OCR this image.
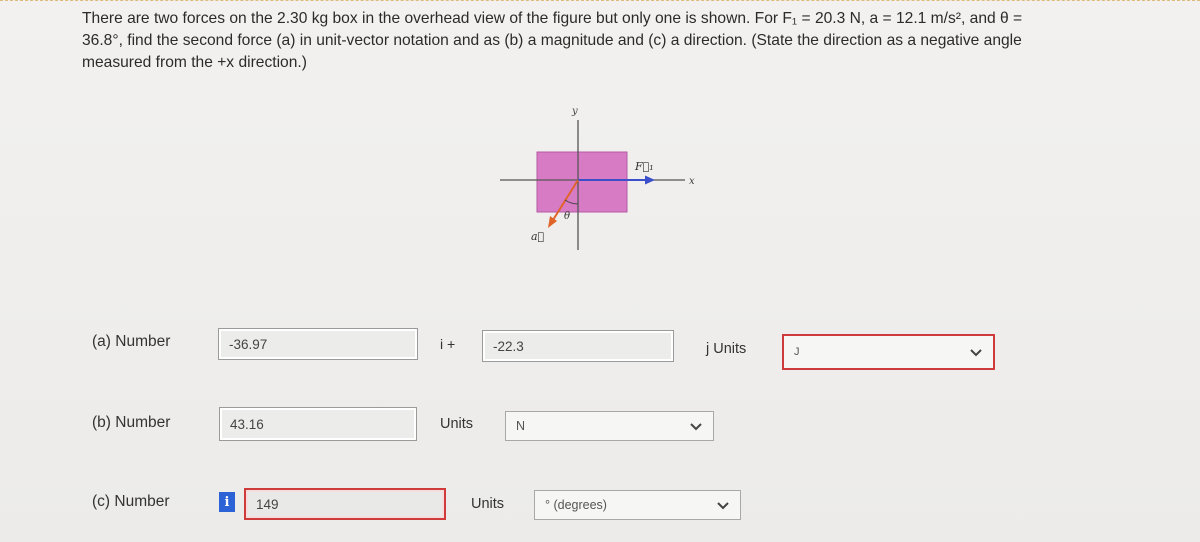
There are two forces on the 2.30 kg box in the overhead view of the figure but only one is shown. For F₁ = 20.3 N, a = 12.1 m/s², and θ =
36.8°, find the second force (a) in unit-vector notation and as (b) a magnitude and (c) a direction. (State the direction as a negative angle
measured from the +x direction.)
y
x
F⃗₁
a⃗
θ
(a) Number	-36.97	i +	-22.3	j Units	J
(b) Number	43.16	Units	N
(c) Number	i	149	Units	° (degrees)
